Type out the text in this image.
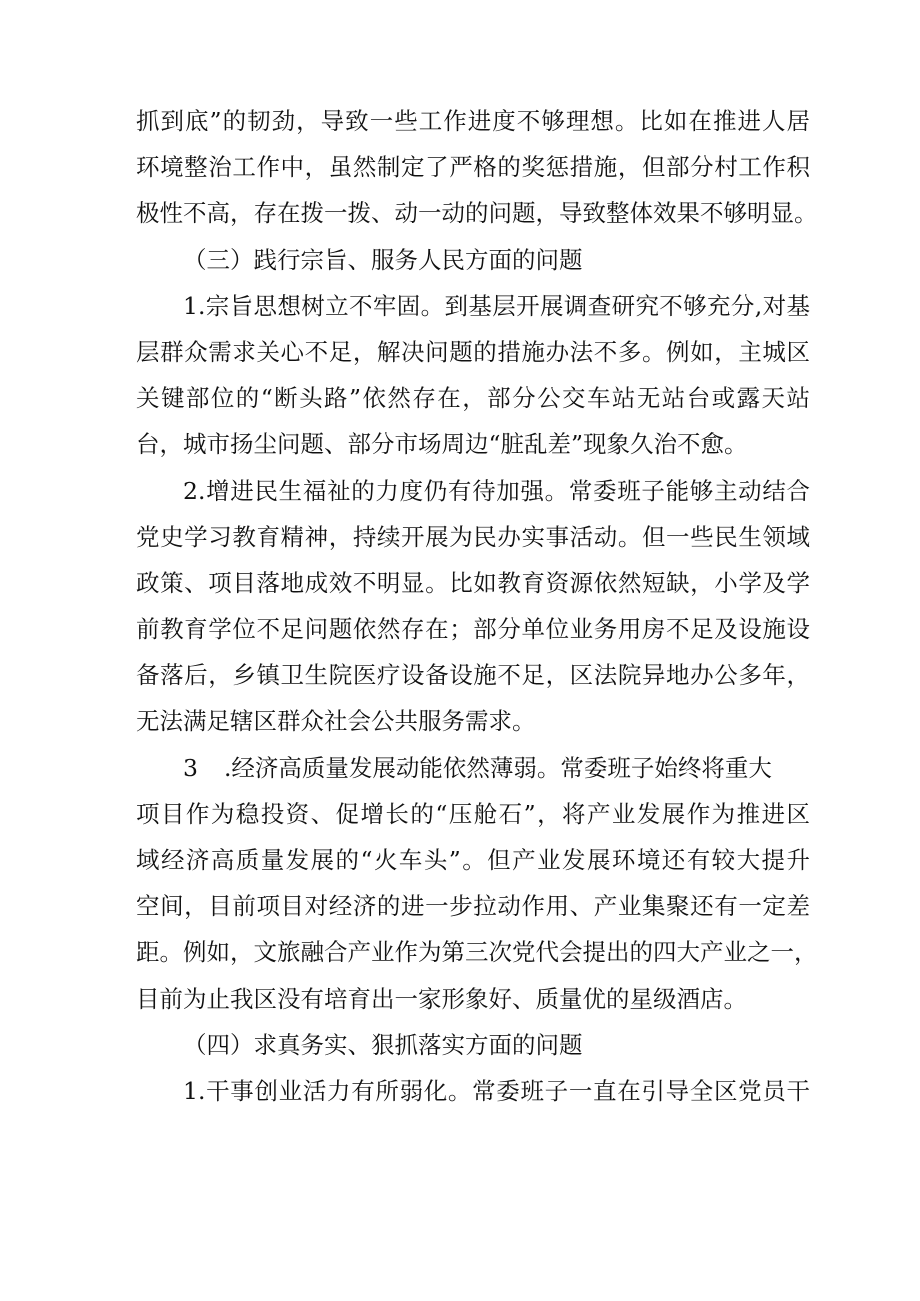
抓到底”的韧劲，导致一些工作进度不够理想。比如在推进人居
环境整治工作中，虽然制定了严格的奖惩措施，但部分村工作积
极性不高，存在拨一拨、动一动的问题，导致整体效果不够明显。
（三）践行宗旨、服务人民方面的问题
1.宗旨思想树立不牢固。到基层开展调查研究不够充分,对基
层群众需求关心不足，解决问题的措施办法不多。例如，主城区
关键部位的“断头路”依然存在，部分公交车站无站台或露天站
台，城市扬尘问题、部分市场周边“脏乱差”现象久治不愈。
2.增进民生福祉的力度仍有待加强。常委班子能够主动结合
党史学习教育精神，持续开展为民办实事活动。但一些民生领域
政策、项目落地成效不明显。比如教育资源依然短缺，小学及学
前教育学位不足问题依然存在；部分单位业务用房不足及设施设
备落后，乡镇卫生院医疗设备设施不足，区法院异地办公多年，
无法满足辖区群众社会公共服务需求。
3 .经济高质量发展动能依然薄弱。常委班子始终将重大
项目作为稳投资、促增长的“压舱石”，将产业发展作为推进区
域经济高质量发展的“火车头”。但产业发展环境还有较大提升
空间，目前项目对经济的进一步拉动作用、产业集聚还有一定差
距。例如，文旅融合产业作为第三次党代会提出的四大产业之一，
目前为止我区没有培育出一家形象好、质量优的星级酒店。
（四）求真务实、狠抓落实方面的问题
1.干事创业活力有所弱化。常委班子一直在引导全区党员干
